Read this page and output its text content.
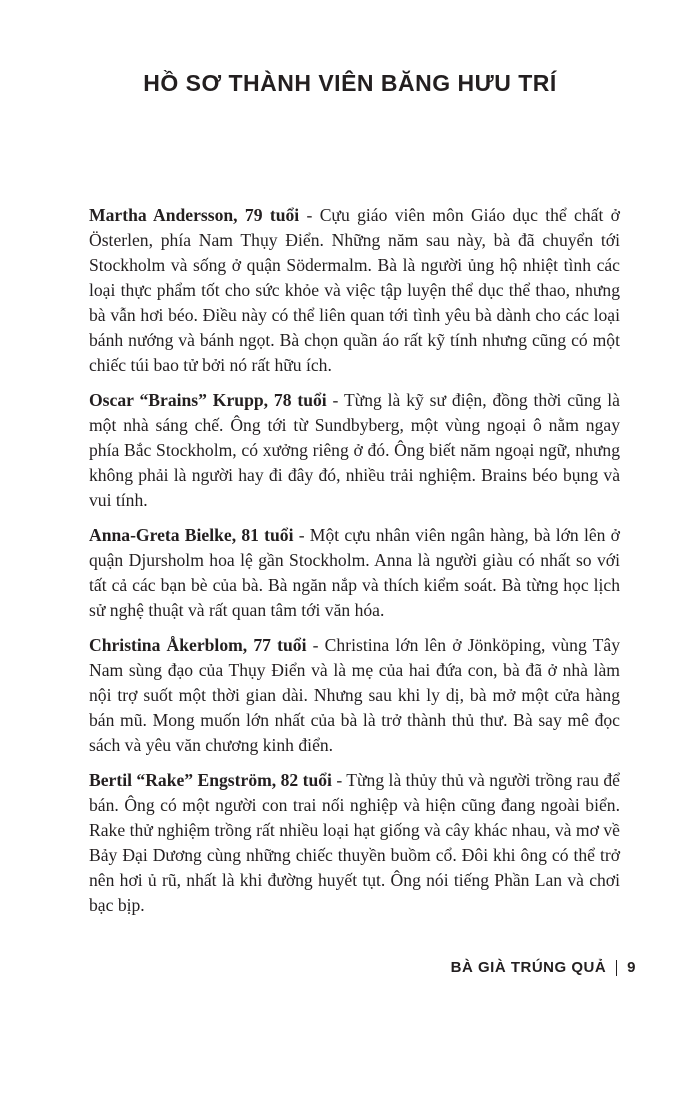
HỒ SƠ THÀNH VIÊN BĂNG HƯU TRÍ

Martha Andersson, 79 tuổi - Cựu giáo viên môn Giáo dục thể chất ở Österlen, phía Nam Thụy Điển. Những năm sau này, bà đã chuyển tới Stockholm và sống ở quận Södermalm. Bà là người ủng hộ nhiệt tình các loại thực phẩm tốt cho sức khỏe và việc tập luyện thể dục thể thao, nhưng bà vẫn hơi béo. Điều này có thể liên quan tới tình yêu bà dành cho các loại bánh nướng và bánh ngọt. Bà chọn quần áo rất kỹ tính nhưng cũng có một chiếc túi bao tử bởi nó rất hữu ích.

Oscar “Brains” Krupp, 78 tuổi - Từng là kỹ sư điện, đồng thời cũng là một nhà sáng chế. Ông tới từ Sundbyberg, một vùng ngoại ô nằm ngay phía Bắc Stockholm, có xưởng riêng ở đó. Ông biết năm ngoại ngữ, nhưng không phải là người hay đi đây đó, nhiều trải nghiệm. Brains béo bụng và vui tính.

Anna-Greta Bielke, 81 tuổi - Một cựu nhân viên ngân hàng, bà lớn lên ở quận Djursholm hoa lệ gần Stockholm. Anna là người giàu có nhất so với tất cả các bạn bè của bà. Bà ngăn nắp và thích kiểm soát. Bà từng học lịch sử nghệ thuật và rất quan tâm tới văn hóa.

Christina Åkerblom, 77 tuổi - Christina lớn lên ở Jönköping, vùng Tây Nam sùng đạo của Thụy Điển và là mẹ của hai đứa con, bà đã ở nhà làm nội trợ suốt một thời gian dài. Nhưng sau khi ly dị, bà mở một cửa hàng bán mũ. Mong muốn lớn nhất của bà là trở thành thủ thư. Bà say mê đọc sách và yêu văn chương kinh điển.

Bertil “Rake” Engström, 82 tuổi - Từng là thủy thủ và người trồng rau để bán. Ông có một người con trai nối nghiệp và hiện cũng đang ngoài biển. Rake thử nghiệm trồng rất nhiều loại hạt giống và cây khác nhau, và mơ về Bảy Đại Dương cùng những chiếc thuyền buồm cổ. Đôi khi ông có thể trở nên hơi ủ rũ, nhất là khi đường huyết tụt. Ông nói tiếng Phần Lan và chơi bạc bịp.

BÀ GIÀ TRÚNG QUẢ 9
